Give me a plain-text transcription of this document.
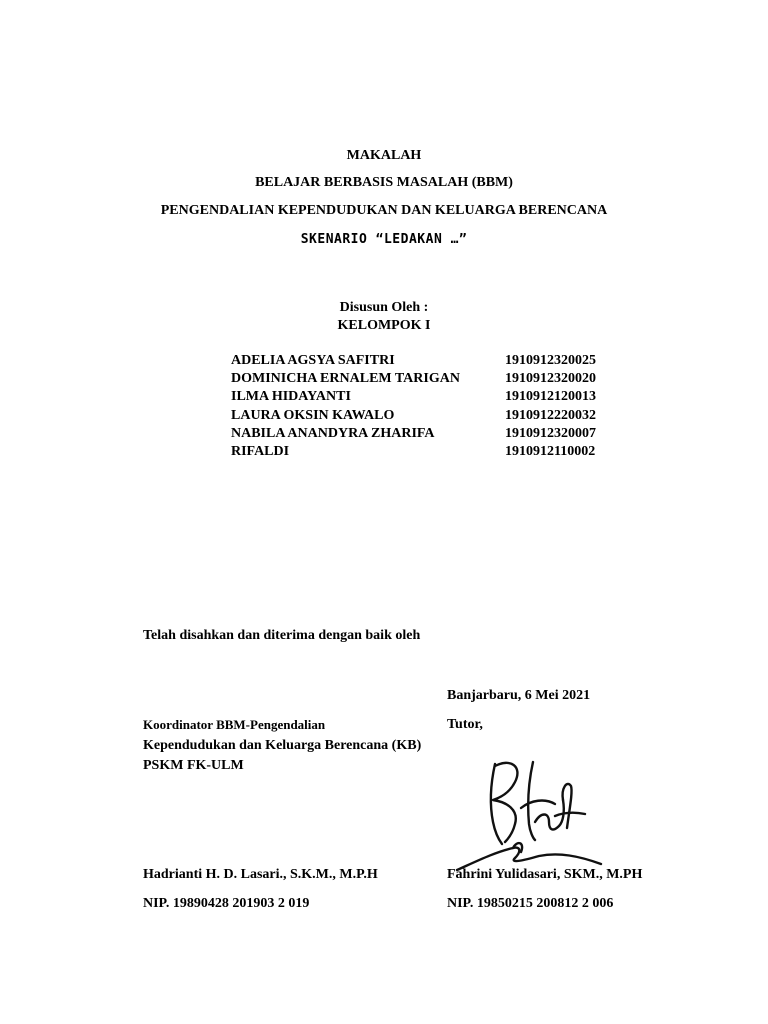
MAKALAH
BELAJAR BERBASIS MASALAH (BBM)
PENGENDALIAN KEPENDUDUKAN DAN KELUARGA BERENCANA
SKENARIO “LEDAKAN …”
Disusun Oleh :
KELOMPOK I
ADELIA AGSYA SAFITRI	1910912320025
DOMINICHA ERNALEM TARIGAN	1910912320020
ILMA HIDAYANTI	1910912120013
LAURA OKSIN KAWALO	1910912220032
NABILA ANANDYRA ZHARIFA	1910912320007
RIFALDI	1910912110002
Telah disahkan dan diterima dengan baik oleh
Banjarbaru, 6 Mei 2021
Koordinator BBM-Pengendalian
Kependudukan dan Keluarga Berencana (KB)
PSKM FK-ULM
Tutor,
Hadrianti H. D. Lasari., S.K.M., M.P.H	Fahrini Yulidasari, SKM., M.PH
NIP. 19890428 201903 2 019	NIP. 19850215 200812 2 006
